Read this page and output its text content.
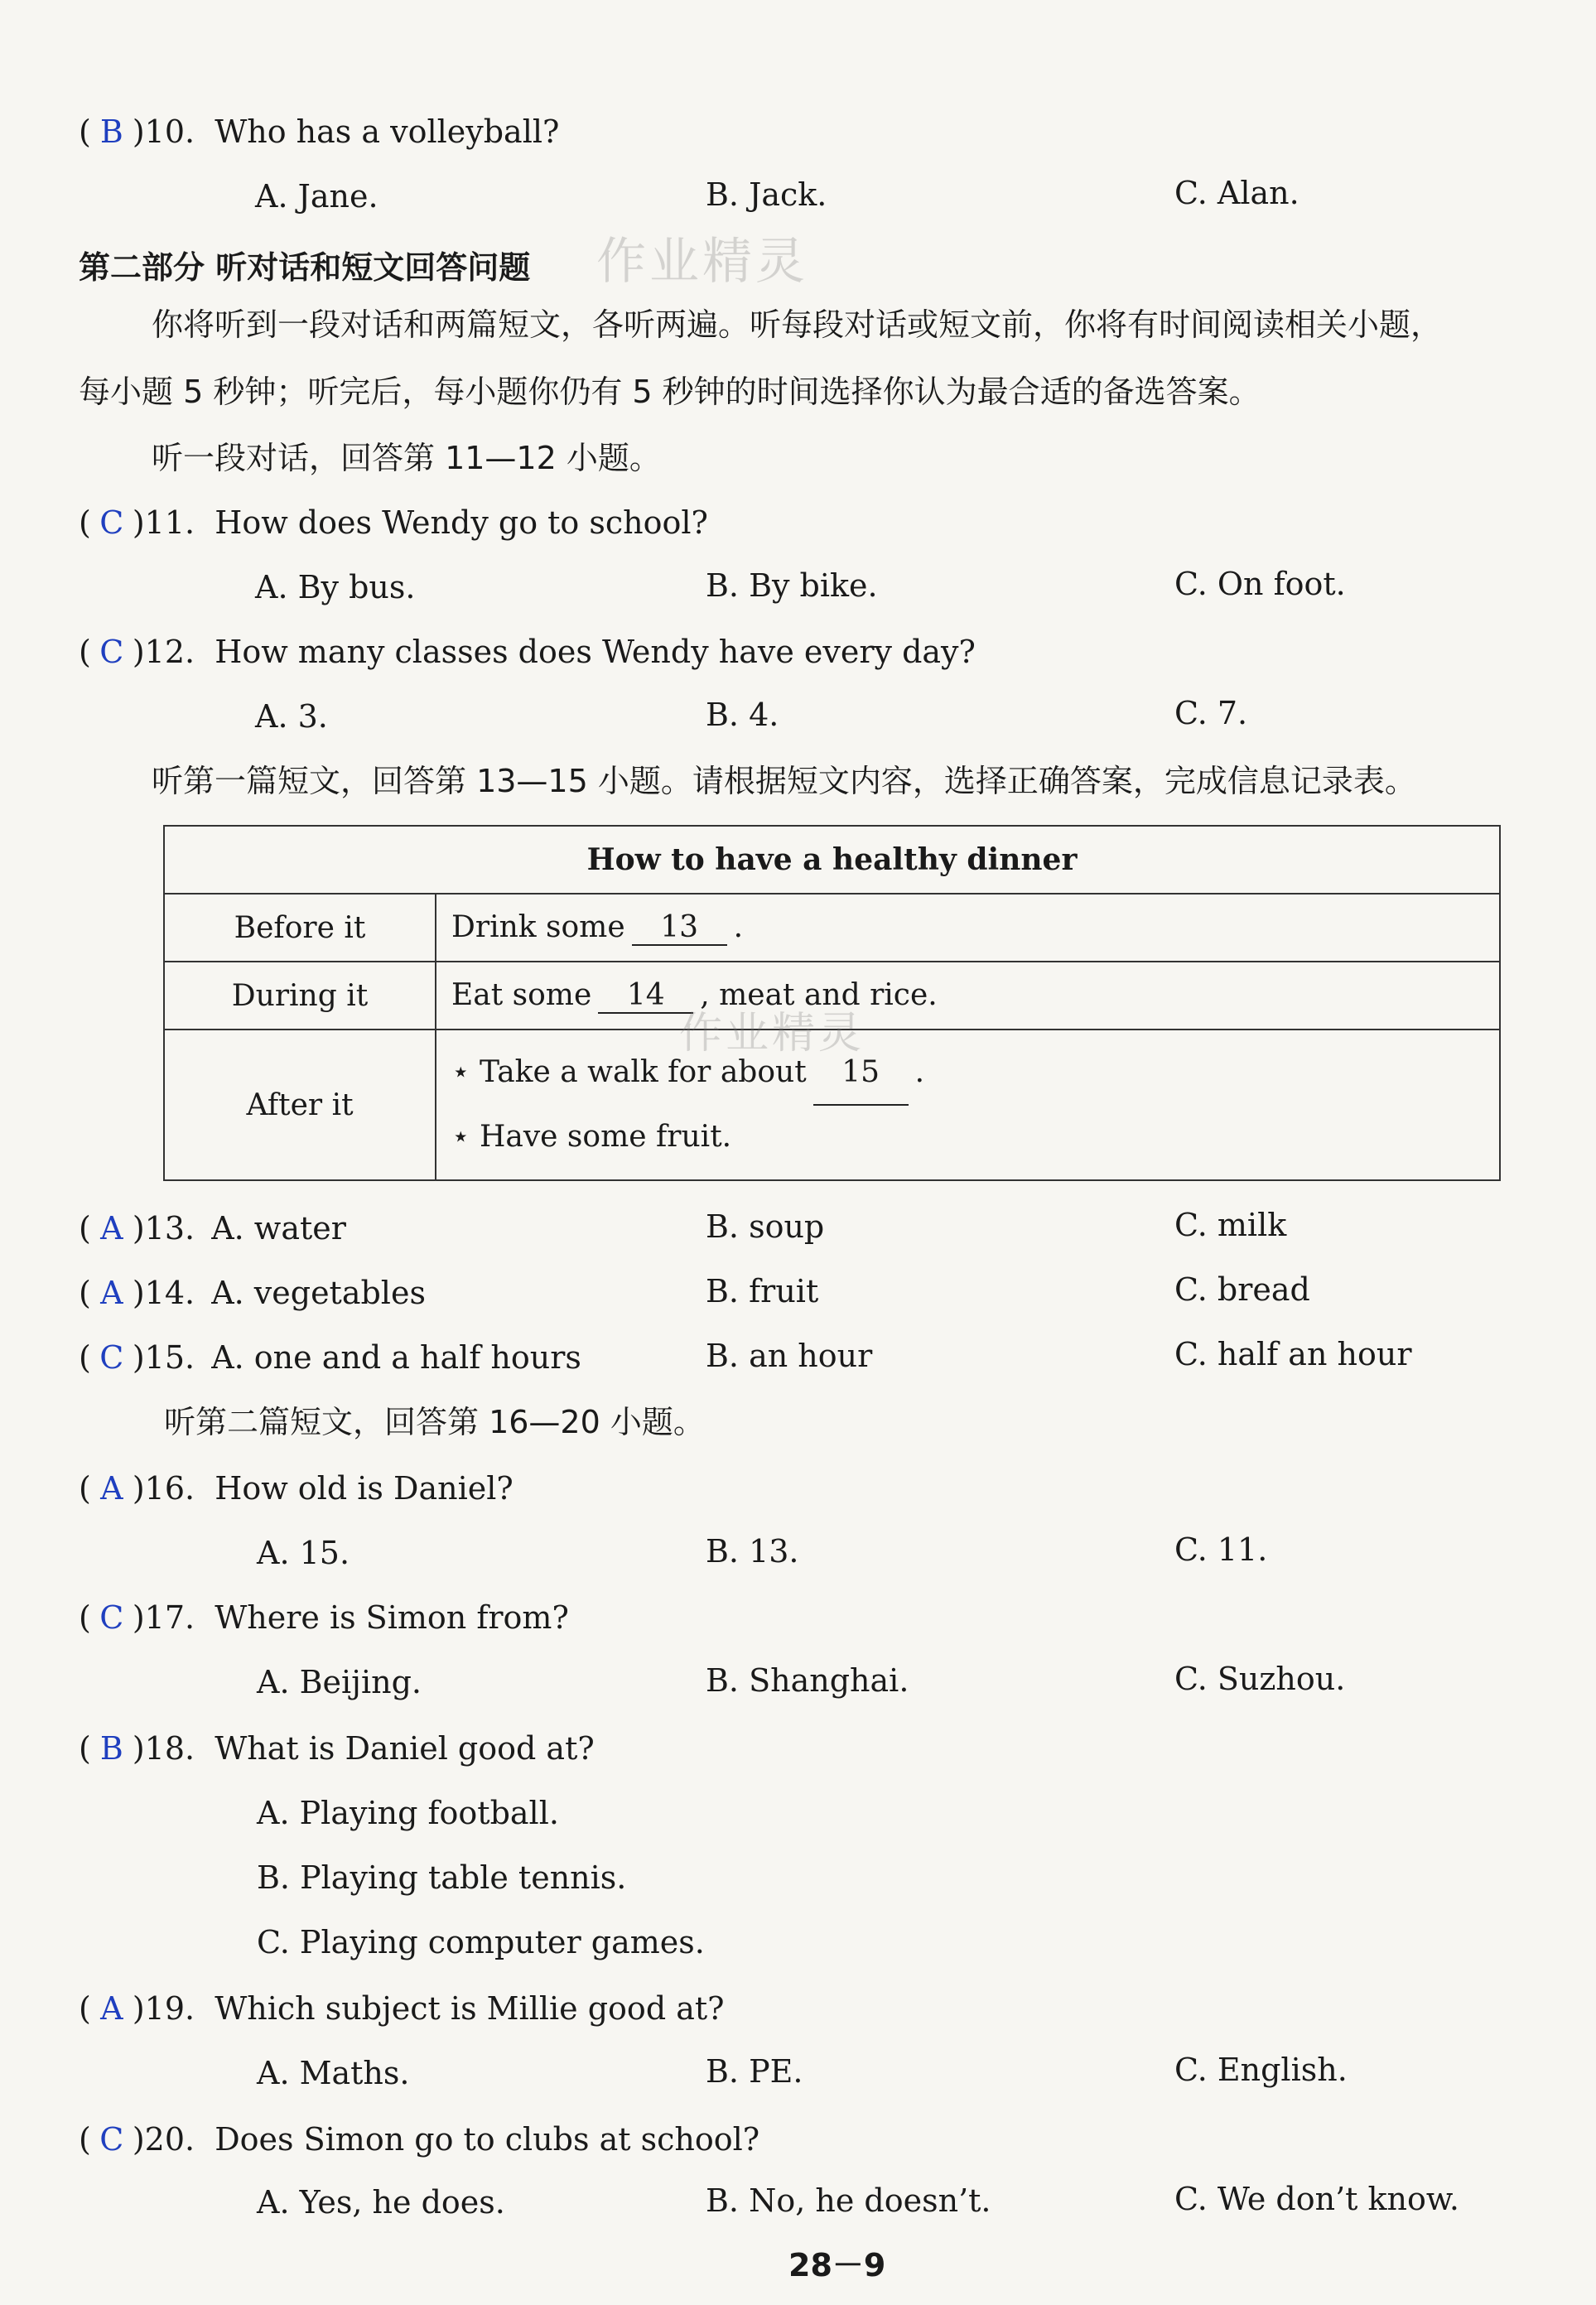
( B )10. Who has a volleyball?
A. Jane.	B. Jack.	C. Alan.
第二部分 听对话和短文回答问题 作业精灵
你将听到一段对话和两篇短文，各听两遍。听每段对话或短文前，你将有时间阅读相关小题，
每小题 5 秒钟；听完后，每小题你仍有 5 秒钟的时间选择你认为最合适的备选答案。
听一段对话，回答第 11—12 小题。
( C )11. How does Wendy go to school?
A. By bus.	B. By bike.	C. On foot.
( C )12. How many classes does Wendy have every day?
A. 3.	B. 4.	C. 7.
听第一篇短文，回答第 13—15 小题。请根据短文内容，选择正确答案，完成信息记录表。
How to have a healthy dinner	
Before it	Drink some 13 .
During it	Eat some 14 , meat and rice.
After it	⋆ Take a walk for about 15 .
⋆ Have some fruit.
作业精灵
( A )13. A. water	B. soup	C. milk
( A )14. A. vegetables	B. fruit	C. bread
( C )15. A. one and a half hours	B. an hour	C. half an hour
听第二篇短文，回答第 16—20 小题。
( A )16. How old is Daniel?
A. 15.	B. 13.	C. 11.
( C )17. Where is Simon from?
A. Beijing.	B. Shanghai.	C. Suzhou.
( B )18. What is Daniel good at?
A. Playing football.
B. Playing table tennis.
C. Playing computer games.
( A )19. Which subject is Millie good at?
A. Maths.	B. PE.	C. English.
( C )20. Does Simon go to clubs at school?
A. Yes, he does.	B. No, he doesn’t.	C. We don’t know.
28－9
